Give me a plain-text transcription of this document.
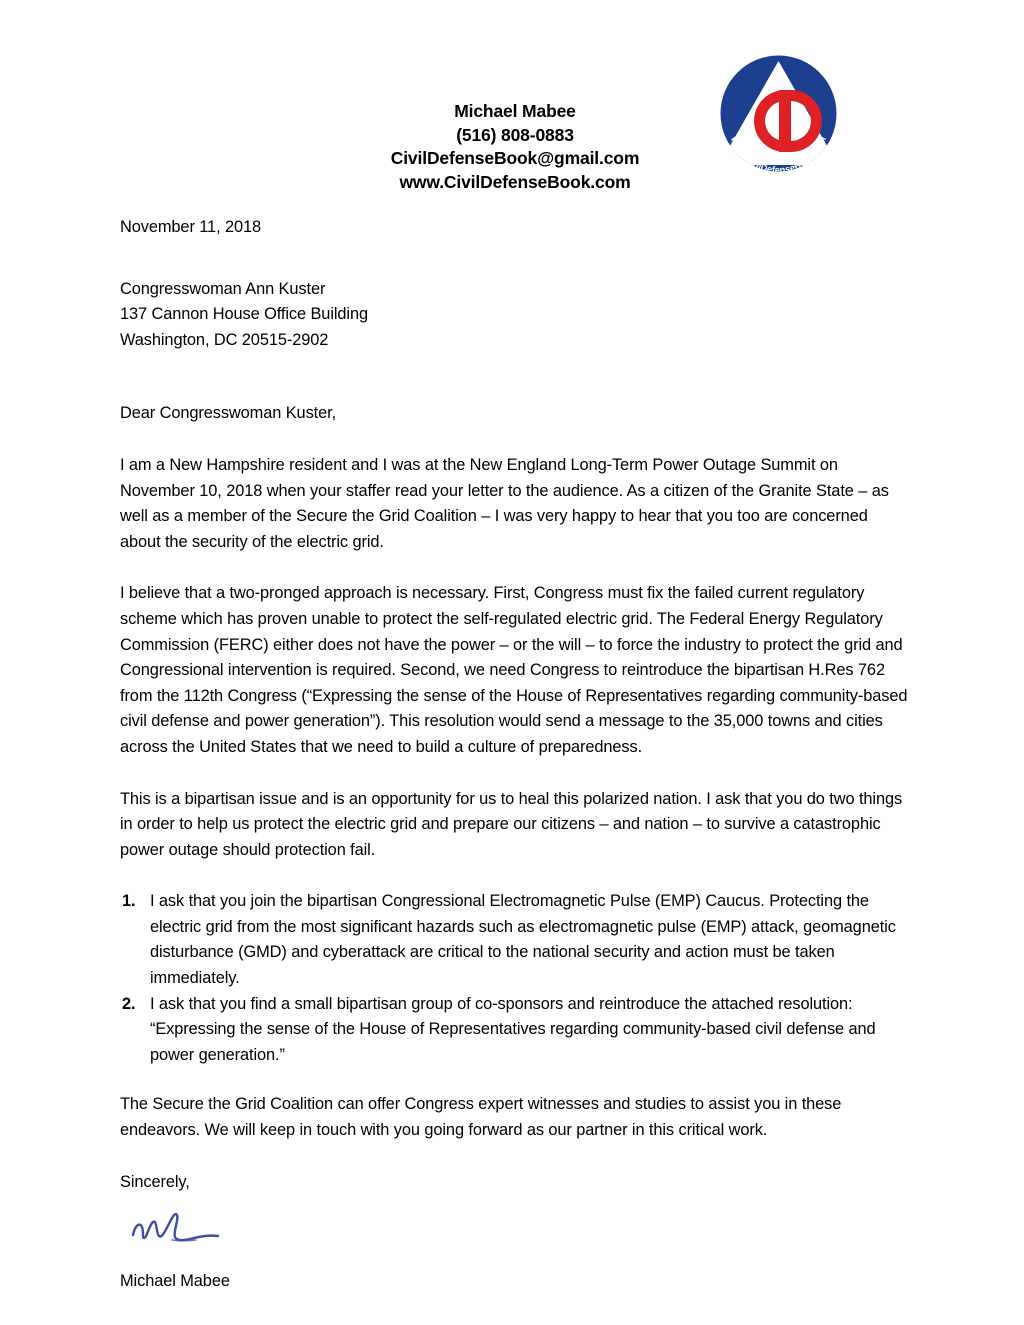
Michael Mabee
(516) 808-0883
CivilDefenseBook@gmail.com
www.CivilDefenseBook.com
www.CivilDefenseBook.com

November 11, 2018

Congresswoman Ann Kuster
137 Cannon House Office Building
Washington, DC 20515-2902

Dear Congresswoman Kuster,

I am a New Hampshire resident and I was at the New England Long-Term Power Outage Summit on November 10, 2018 when your staffer read your letter to the audience. As a citizen of the Granite State – as well as a member of the Secure the Grid Coalition – I was very happy to hear that you too are concerned about the security of the electric grid.

I believe that a two-pronged approach is necessary. First, Congress must fix the failed current regulatory scheme which has proven unable to protect the self-regulated electric grid. The Federal Energy Regulatory Commission (FERC) either does not have the power – or the will – to force the industry to protect the grid and Congressional intervention is required. Second, we need Congress to reintroduce the bipartisan H.Res 762 from the 112th Congress (“Expressing the sense of the House of Representatives regarding community-based civil defense and power generation”). This resolution would send a message to the 35,000 towns and cities across the United States that we need to build a culture of preparedness.

This is a bipartisan issue and is an opportunity for us to heal this polarized nation. I ask that you do two things in order to help us protect the electric grid and prepare our citizens – and nation – to survive a catastrophic power outage should protection fail.

I ask that you join the bipartisan Congressional Electromagnetic Pulse (EMP) Caucus. Protecting the electric grid from the most significant hazards such as electromagnetic pulse (EMP) attack, geomagnetic disturbance (GMD) and cyberattack are critical to the national security and action must be taken immediately.
I ask that you find a small bipartisan group of co-sponsors and reintroduce the attached resolution: “Expressing the sense of the House of Representatives regarding community-based civil defense and power generation.”

The Secure the Grid Coalition can offer Congress expert witnesses and studies to assist you in these endeavors. We will keep in touch with you going forward as our partner in this critical work.

Sincerely,

Michael Mabee
